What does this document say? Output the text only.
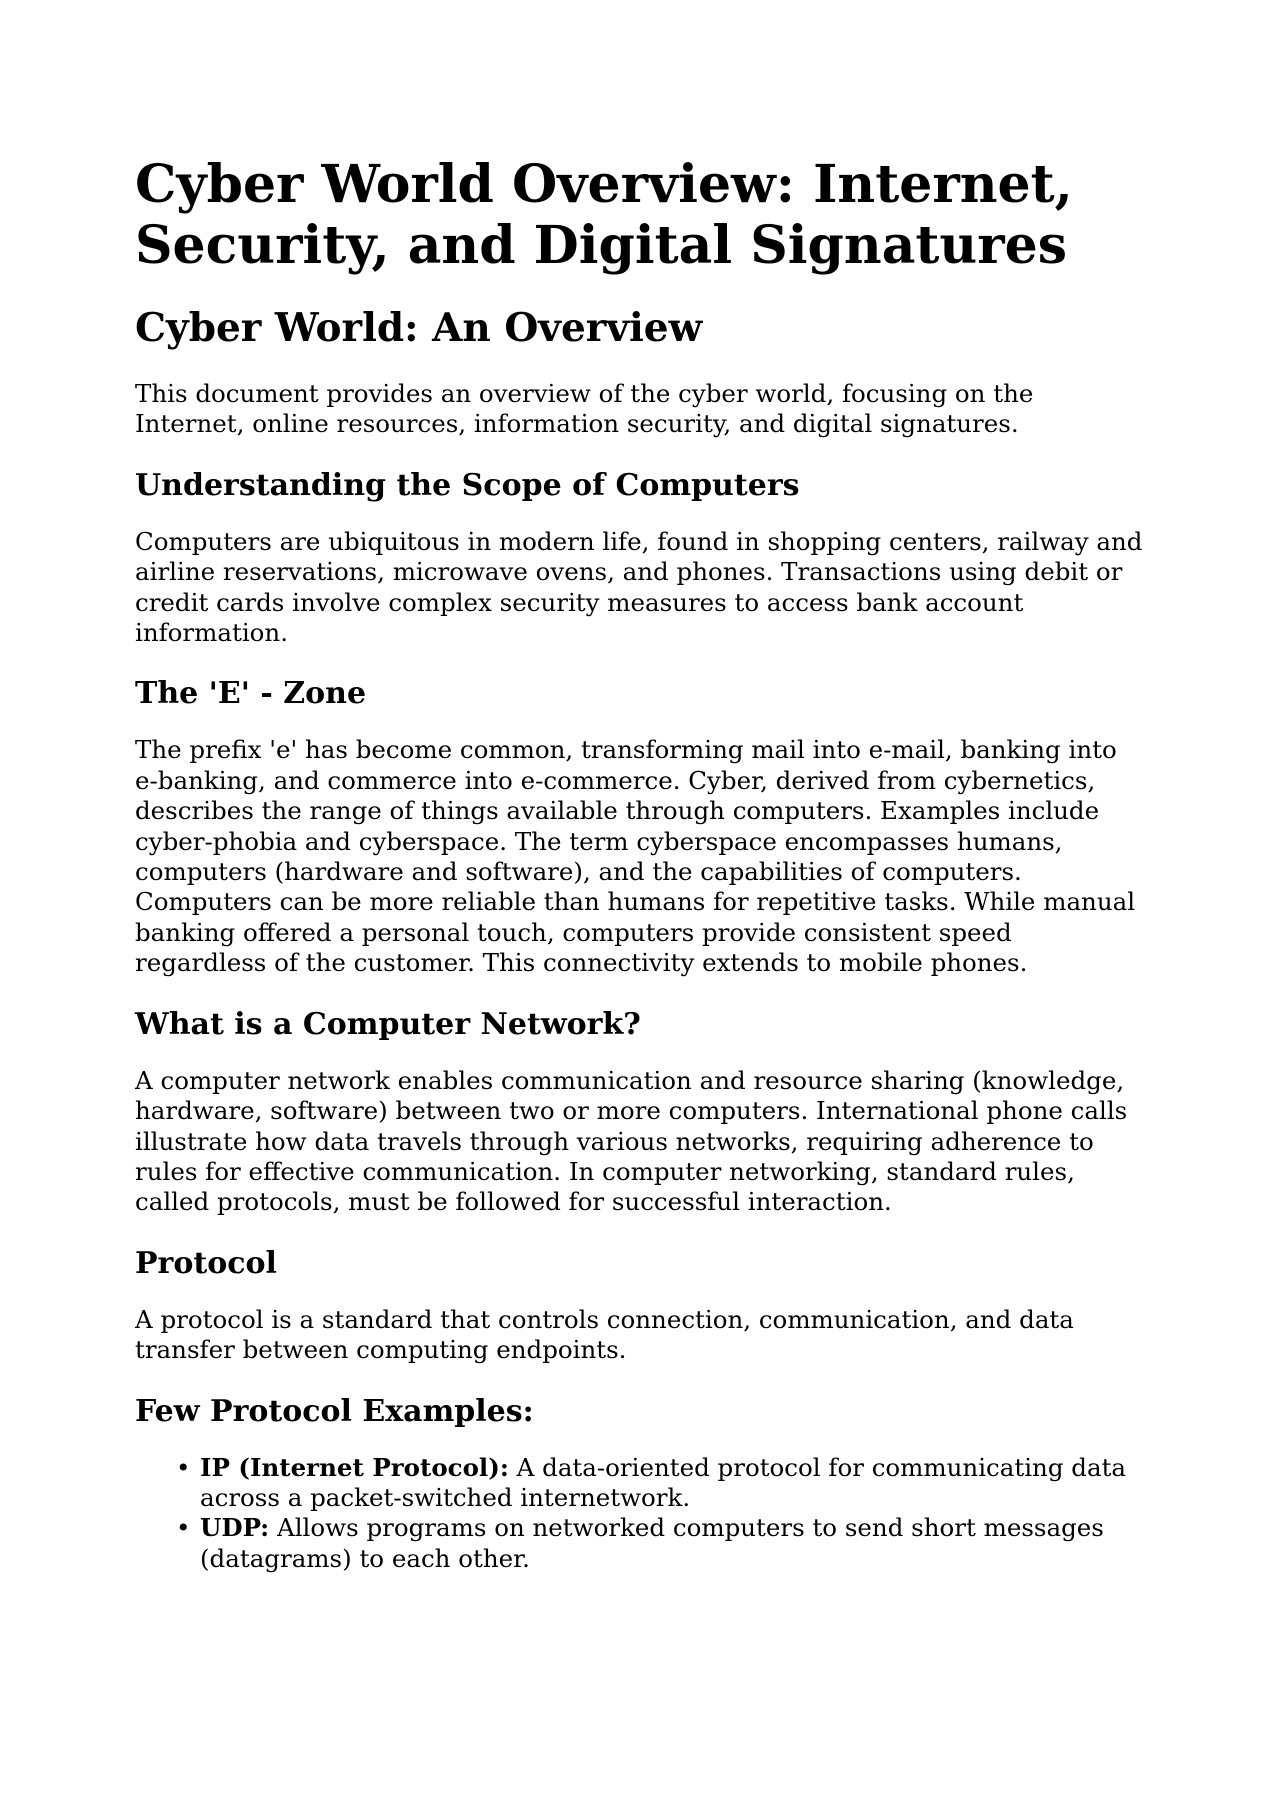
Cyber World Overview: Internet, Security, and Digital Signatures
Cyber World: An Overview

This document provides an overview of the cyber world, focusing on the Internet, online resources, information security, and digital signatures.

Understanding the Scope of Computers

Computers are ubiquitous in modern life, found in shopping centers, railway and airline reservations, microwave ovens, and phones. Transactions using debit or credit cards involve complex security measures to access bank account information.

The 'E' - Zone

The prefix 'e' has become common, transforming mail into e-mail, banking into e-banking, and commerce into e-commerce. Cyber, derived from cybernetics, describes the range of things available through computers. Examples include cyber-phobia and cyberspace. The term cyberspace encompasses humans, computers (hardware and software), and the capabilities of computers. Computers can be more reliable than humans for repetitive tasks. While manual banking offered a personal touch, computers provide consistent speed regardless of the customer. This connectivity extends to mobile phones.

What is a Computer Network?

A computer network enables communication and resource sharing (knowledge, hardware, software) between two or more computers. International phone calls illustrate how data travels through various networks, requiring adherence to rules for effective communication. In computer networking, standard rules, called protocols, must be followed for successful interaction.

Protocol

A protocol is a standard that controls connection, communication, and data transfer between computing endpoints.

Few Protocol Examples:
• IP (Internet Protocol): A data-oriented protocol for communicating data across a packet-switched internetwork.
• UDP: Allows programs on networked computers to send short messages (datagrams) to each other.
